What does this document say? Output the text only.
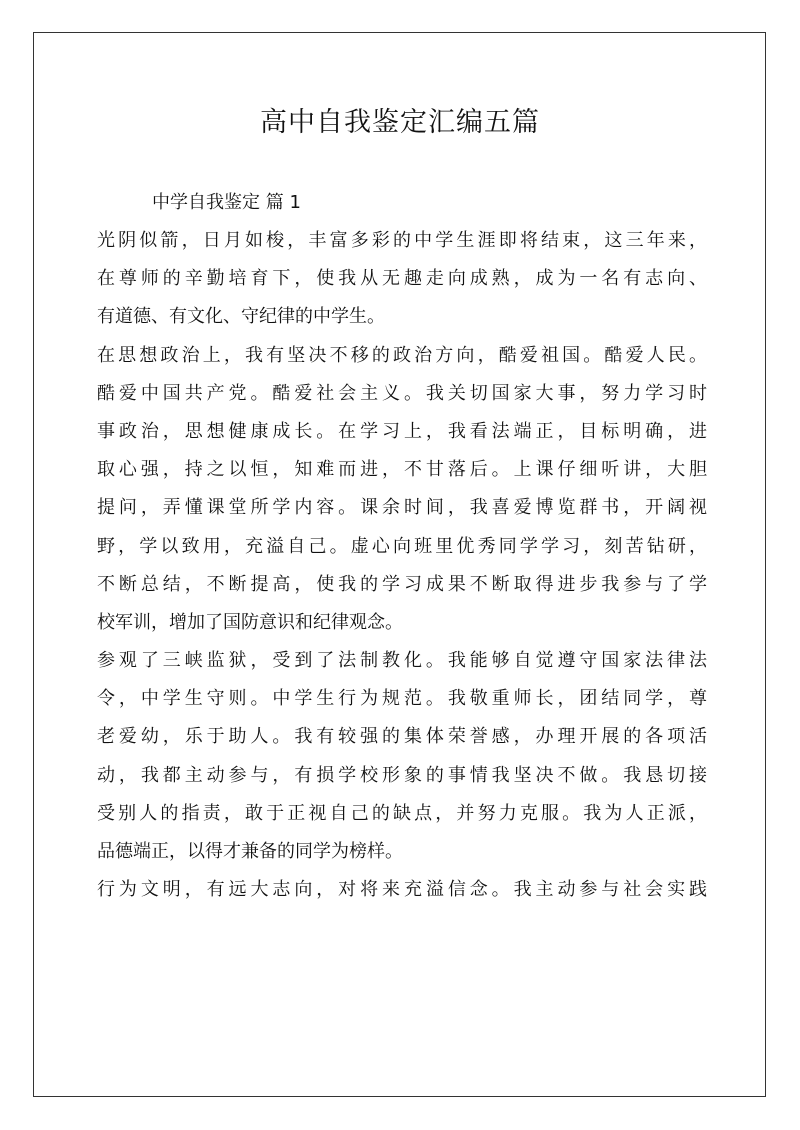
高中自我鉴定汇编五篇
中学自我鉴定 篇 1
光阴似箭，日月如梭，丰富多彩的中学生涯即将结束，这三年来，
在尊师的辛勤培育下，使我从无趣走向成熟，成为一名有志向、
有道德、有文化、守纪律的中学生。
在思想政治上，我有坚决不移的政治方向，酷爱祖国。酷爱人民。
酷爱中国共产党。酷爱社会主义。我关切国家大事，努力学习时
事政治，思想健康成长。在学习上，我看法端正，目标明确，进
取心强，持之以恒，知难而进，不甘落后。上课仔细听讲，大胆
提问，弄懂课堂所学内容。课余时间，我喜爱博览群书，开阔视
野，学以致用，充溢自己。虚心向班里优秀同学学习，刻苦钻研，
不断总结，不断提高，使我的学习成果不断取得进步我参与了学
校军训，增加了国防意识和纪律观念。
参观了三峡监狱，受到了法制教化。我能够自觉遵守国家法律法
令，中学生守则。中学生行为规范。我敬重师长，团结同学，尊
老爱幼，乐于助人。我有较强的集体荣誉感，办理开展的各项活
动，我都主动参与，有损学校形象的事情我坚决不做。我恳切接
受别人的指责，敢于正视自己的缺点，并努力克服。我为人正派，
品德端正，以得才兼备的同学为榜样。
行为文明，有远大志向，对将来充溢信念。我主动参与社会实践
